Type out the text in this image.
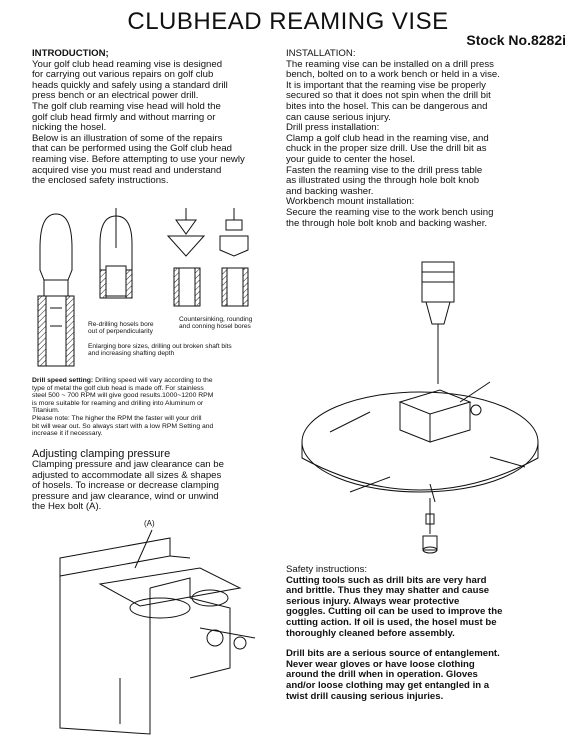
CLUBHEAD REAMING VISE
Stock No.8282i

INTRODUCTION;

Your golf club head reaming vise is designed
for carrying out various repairs on golf club
heads quickly and safely using a standard drill
press bench or an electrical power drill.
The golf club reaming vise head will hold the
golf club head firmly and without marring or
nicking the hosel.
Below is an illustration of some of the repairs
that can be performed using the Golf club head
reaming vise. Before attempting to use your newly
acquired vise you must read and understand
the enclosed safety instructions.

INSTALLATION:

The reaming vise can be installed on a drill press
bench, bolted on to a work bench or held in a vise.
It is important that the reaming vise be properly
secured so that it does not spin when the drill bit
bites into the hosel. This can be dangerous and
can cause serious injury.

Drill press installation:

Clamp a golf club head in the reaming vise, and
chuck in the proper size drill. Use the drill bit as
your guide to center the hosel.
Fasten the reaming vise to the drill press table
as illustrated using the through hole bolt knob
and backing washer.

Workbench mount installation:

Secure the reaming vise to the work bench using
the through hole bolt knob and backing washer.

Re-drilling hosels bore
out of perpendicularity
Countersinking, rounding
and conning hosel bores
Enlarging bore sizes, drilling out broken shaft bits
and increasing shafting depth
Drill speed setting: Drilling speed will vary according to the
type of metal the golf club head is made off. For stainless
steel 500 ~ 700 RPM will give good results.1000~1200 RPM
is more suitable for reaming and drilling into Aluminum or
Titanium.
Please note: The higher the RPM the faster will your drill
bit will wear out. So always start with a low RPM Setting and
increase it if necessary.

Adjusting clamping pressure

Clamping pressure and jaw clearance can be
adjusted to accommodate all sizes & shapes
of hosels. To increase or decrease clamping
pressure and jaw clearance, wind or unwind
the Hex bolt (A).

(A)

Safety instructions:

Cutting tools such as drill bits are very hard
and brittle. Thus they may shatter and cause
serious injury. Always wear protective
goggles. Cutting oil can be used to improve the
cutting action. If oil is used, the hosel must be
thoroughly cleaned before assembly.

Drill bits are a serious source of entanglement.
Never wear gloves or have loose clothing
around the drill when in operation. Gloves
and/or loose clothing may get entangled in a
twist drill causing serious injuries.
